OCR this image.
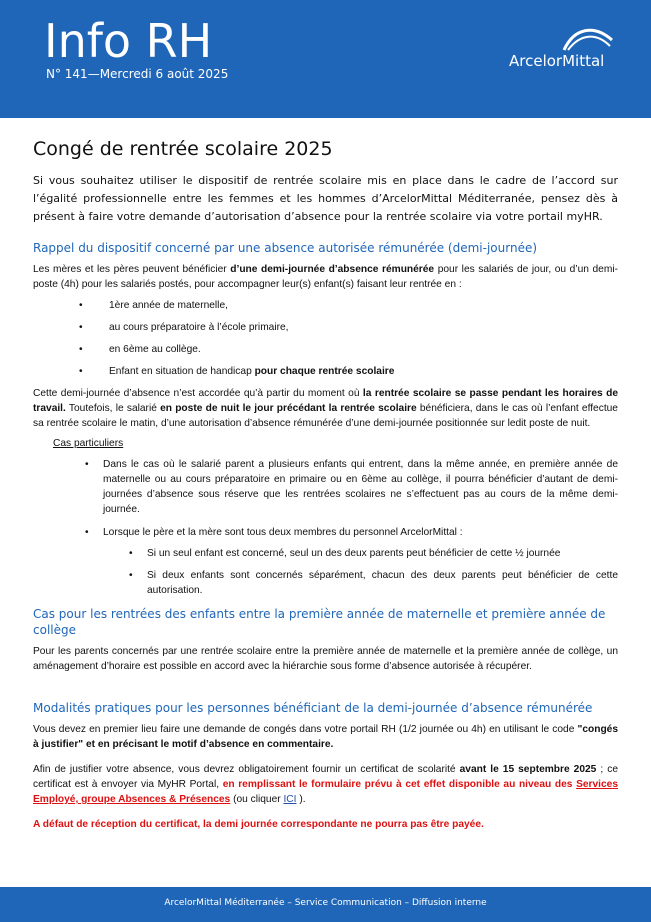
Info RH
N° 141—Mercredi 6 août 2025
ArcelorMittal
Congé de rentrée scolaire 2025

Si vous souhaitez utiliser le dispositif de rentrée scolaire mis en place dans le cadre de l’accord sur l’égalité professionnelle entre les femmes et les hommes d’ArcelorMittal Méditerranée, pensez dès à présent à faire votre demande d’autorisation d’absence pour la rentrée scolaire via votre portail myHR.

Rappel du dispositif concerné par une absence autorisée rémunérée (demi-journée)

Les mères et les pères peuvent bénéficier d’une demi-journée d’absence rémunérée pour les salariés de jour, ou d’un demi-poste (4h) pour les salariés postés, pour accompagner leur(s) enfant(s) faisant leur rentrée en :

• 1ère année de maternelle,
• au cours préparatoire à l’école primaire,
• en 6ème au collège.
• Enfant en situation de handicap pour chaque rentrée scolaire

Cette demi-journée d’absence n’est accordée qu’à partir du moment où la rentrée scolaire se passe pendant les horaires de travail. Toutefois, le salarié en poste de nuit le jour précédant la rentrée scolaire bénéficiera, dans le cas où l’enfant effectue sa rentrée scolaire le matin, d’une autorisation d’absence rémunérée d’une demi-journée positionnée sur ledit poste de nuit.

Cas particuliers
• Dans le cas où le salarié parent a plusieurs enfants qui entrent, dans la même année, en première année de maternelle ou au cours préparatoire en primaire ou en 6ème au collège, il pourra bénéficier d’autant de demi-journées d’absence sous réserve que les rentrées scolaires ne s’effectuent pas au cours de la même demi-journée.
• Lorsque le père et la mère sont tous deux membres du personnel ArcelorMittal :
• Si un seul enfant est concerné, seul un des deux parents peut bénéficier de cette ½ journée
• Si deux enfants sont concernés séparément, chacun des deux parents peut bénéficier de cette autorisation.
Cas pour les rentrées des enfants entre la première année de maternelle et première année de collège

Pour les parents concernés par une rentrée scolaire entre la première année de maternelle et la première année de collège, un aménagement d’horaire est possible en accord avec la hiérarchie sous forme d’absence autorisée à récupérer.

Modalités pratiques pour les personnes bénéficiant de la demi-journée d’absence rémunérée

Vous devez en premier lieu faire une demande de congés dans votre portail RH (1/2 journée ou 4h) en utilisant le code "congés à justifier" et en précisant le motif d’absence en commentaire.

Afin de justifier votre absence, vous devrez obligatoirement fournir un certificat de scolarité avant le 15 septembre 2025 ; ce certificat est à envoyer via MyHR Portal, en remplissant le formulaire prévu à cet effet disponible au niveau des Services Employé, groupe Absences & Présences (ou cliquer ICI ).

A défaut de réception du certificat, la demi journée correspondante ne pourra pas être payée.

ArcelorMittal Méditerranée – Service Communication – Diffusion interne
